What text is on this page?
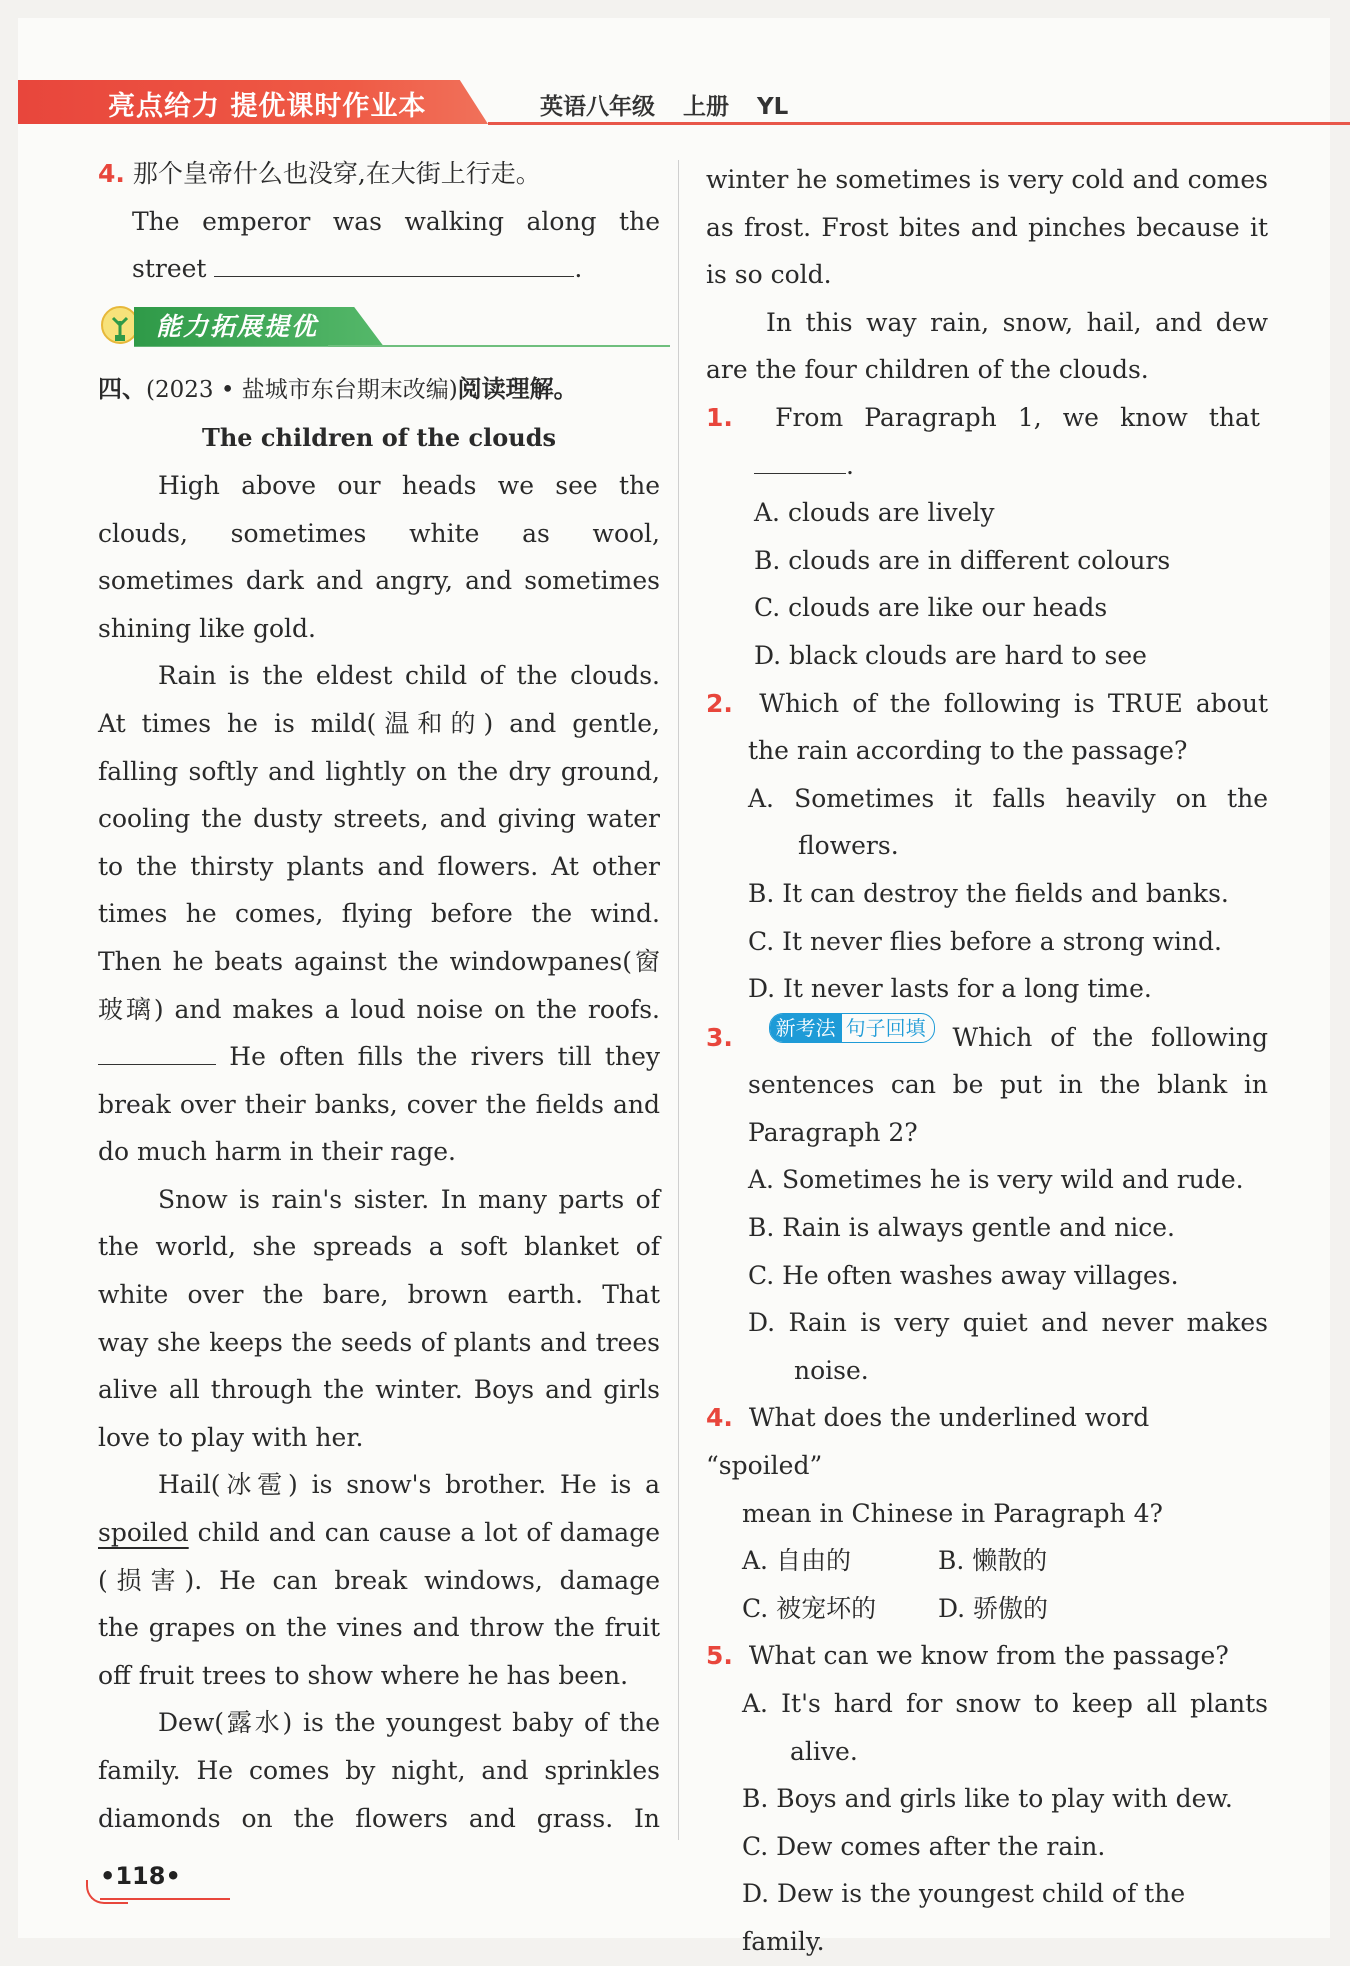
亮点给力 提优课时作业本	英语八年级 上册 YL
4. 那个皇帝什么也没穿,在大街上行走。
The emperor was walking along the
street	.
能力拓展提优
四、(2023 • 盐城市东台期末改编)阅读理解。
The children of the clouds
High above our heads we see the
clouds, sometimes white as wool,
sometimes dark and angry, and sometimes
shining like gold.
Rain is the eldest child of the clouds.
At times he is mild(温和的) and gentle,
falling softly and lightly on the dry ground,
cooling the dusty streets, and giving water
to the thirsty plants and flowers. At other
times he comes, flying before the wind.
Then he beats against the windowpanes(窗
玻璃) and makes a loud noise on the roofs.
He often fills the rivers till they
break over their banks, cover the fields and
do much harm in their rage.
Snow is rain's sister. In many parts of
the world, she spreads a soft blanket of
white over the bare, brown earth. That
way she keeps the seeds of plants and trees
alive all through the winter. Boys and girls
love to play with her.
Hail(冰雹) is snow's brother. He is a
spoiled child and can cause a lot of damage
(损害). He can break windows, damage
the grapes on the vines and throw the fruit
off fruit trees to show where he has been.
Dew(露水) is the youngest baby of the
family. He comes by night, and sprinkles
diamonds on the flowers and grass. In
winter he sometimes is very cold and comes
as frost. Frost bites and pinches because it
is so cold.
In this way rain, snow, hail, and dew
are the four children of the clouds.
1. From Paragraph 1, we know that
.
A. clouds are lively
B. clouds are in different colours
C. clouds are like our heads
D. black clouds are hard to see
2. Which of the following is TRUE about
the rain according to the passage?
A. Sometimes it falls heavily on the
flowers.
B. It can destroy the fields and banks.
C. It never flies before a strong wind.
D. It never lasts for a long time.
3. 新考法 句子回填 Which of the following
sentences can be put in the blank in
Paragraph 2?
A. Sometimes he is very wild and rude.
B. Rain is always gentle and nice.
C. He often washes away villages.
D. Rain is very quiet and never makes
noise.
4. What does the underlined word “spoiled”
mean in Chinese in Paragraph 4?
A. 自由的	B. 懒散的
C. 被宠坏的	D. 骄傲的
5. What can we know from the passage?
A. It's hard for snow to keep all plants
alive.
B. Boys and girls like to play with dew.
C. Dew comes after the rain.
D. Dew is the youngest child of the family.
•118•
